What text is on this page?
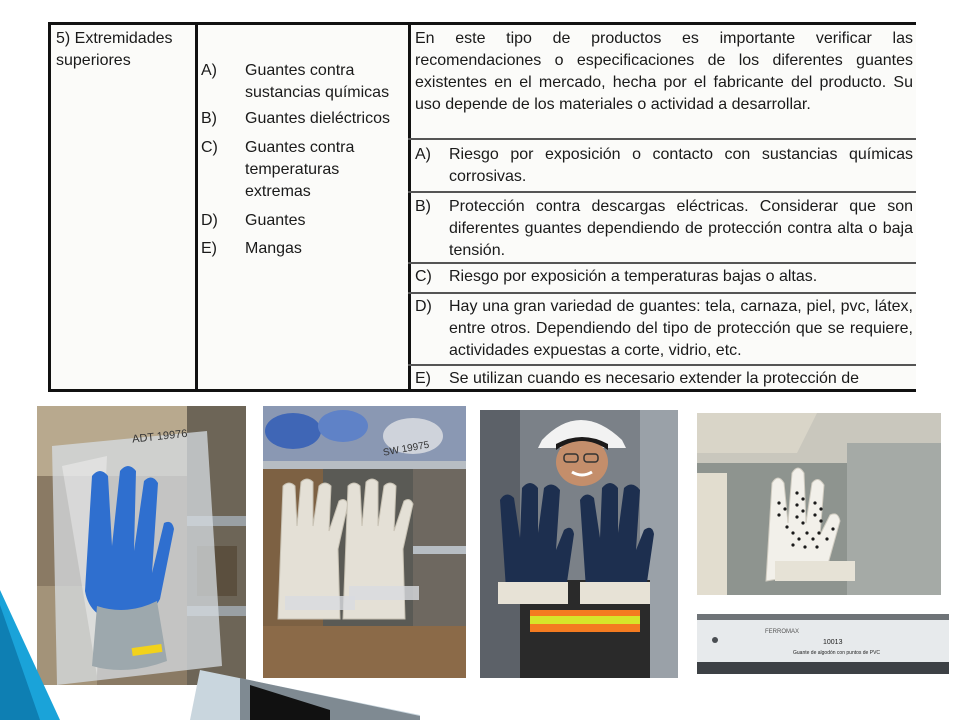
5) Extremidades superiores
A) Guantes contra sustancias químicas
B) Guantes dieléctricos
C) Guantes contra temperaturas extremas
D) Guantes
E) Mangas

En este tipo de productos es importante verificar las recomendaciones o especificaciones de los diferentes guantes existentes en el mercado, hecha por el fabricante del producto. Su uso depende de los materiales o actividad a desarrollar.

A) Riesgo por exposición o contacto con sustancias químicas corrosivas.
B) Protección contra descargas eléctricas. Considerar que son diferentes guantes dependiendo de protección contra alta o baja tensión.
C) Riesgo por exposición a temperaturas bajas o altas.
D) Hay una gran variedad de guantes: tela, carnaza, piel, pvc, látex, entre otros. Dependiendo del tipo de protección que se requiere, actividades expuestas a corte, vidrio, etc.
E) Se utilizan cuando es necesario extender la protección de
ADT 19976
SW 19975
FERROMAX
10013
Guante de algodón con puntos de PVC
